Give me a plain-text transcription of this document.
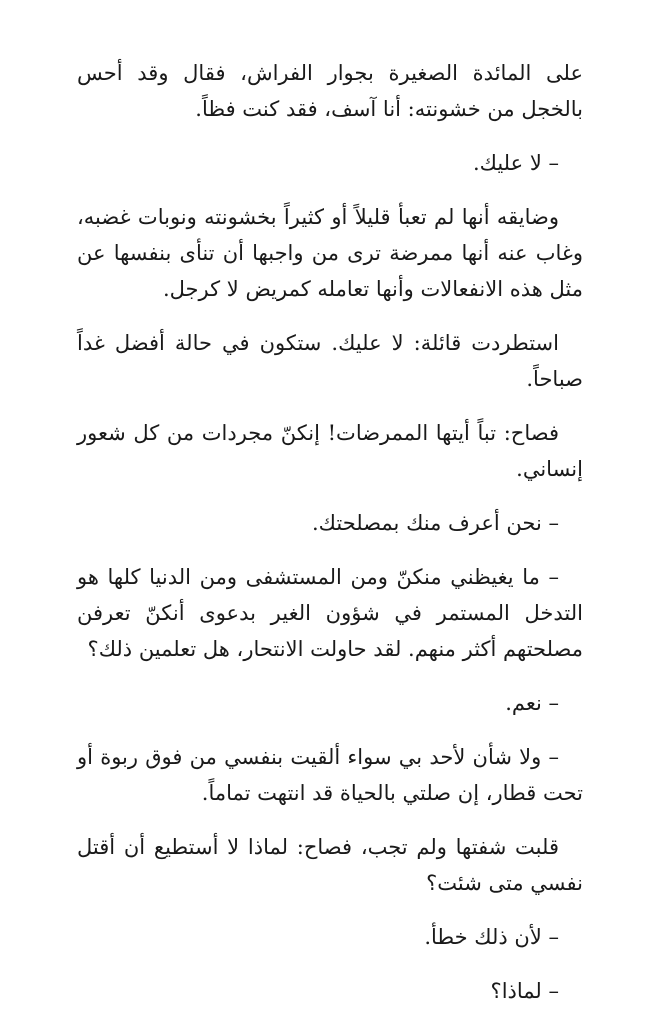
على المائدة الصغيرة بجوار الفراش، فقال وقد أحس بالخجل من خشونته: أنا آسف، فقد كنت فظاً.

– لا عليك.

وضايقه أنها لم تعبأ قليلاً أو كثيراً بخشونته ونوبات غضبه، وغاب عنه أنها ممرضة ترى من واجبها أن تنأى بنفسها عن مثل هذه الانفعالات وأنها تعامله كمريض لا كرجل.

استطردت قائلة: لا عليك. ستكون في حالة أفضل غداً صباحاً.

فصاح: تباً أيتها الممرضات! إنكنّ مجردات من كل شعور إنساني.

– نحن أعرف منك بمصلحتك.

– ما يغيظني منكنّ ومن المستشفى ومن الدنيا كلها هو التدخل المستمر في شؤون الغير بدعوى أنكنّ تعرفن مصلحتهم أكثر منهم. لقد حاولت الانتحار، هل تعلمين ذلك؟

– نعم.

– ولا شأن لأحد بي سواء ألقيت بنفسي من فوق ربوة أو تحت قطار، إن صلتي بالحياة قد انتهت تماماً.

قلبت شفتها ولم تجب، فصاح: لماذا لا أستطيع أن أقتل نفسي متى شئت؟

– لأن ذلك خطأ.

– لماذا؟
